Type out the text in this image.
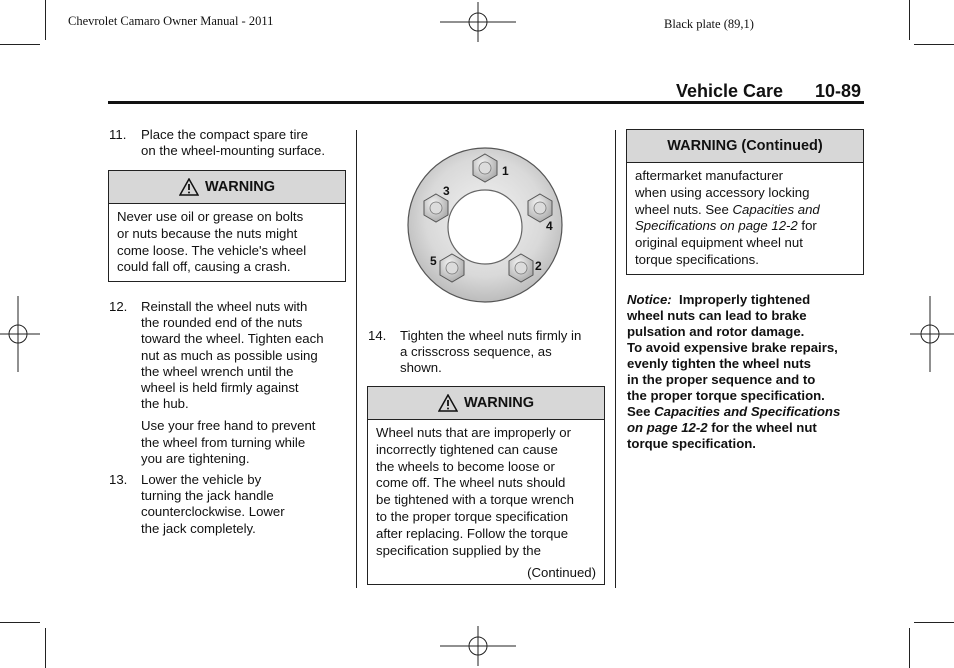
Chevrolet Camaro Owner Manual - 2011	Black plate (89,1)
Vehicle Care 10-89
11. Place the compact spare tire
on the wheel-mounting surface.
WARNING
Never use oil or grease on bolts
or nuts because the nuts might
come loose. The vehicle's wheel
could fall off, causing a crash.
12. Reinstall the wheel nuts with
the rounded end of the nuts
toward the wheel. Tighten each
nut as much as possible using
the wheel wrench until the
wheel is held firmly against
the hub.
Use your free hand to prevent
the wheel from turning while
you are tightening.
13. Lower the vehicle by
turning the jack handle
counterclockwise. Lower
the jack completely.
1
4
2
5
3
14. Tighten the wheel nuts firmly in
a crisscross sequence, as
shown.
WARNING
Wheel nuts that are improperly or
incorrectly tightened can cause
the wheels to become loose or
come off. The wheel nuts should
be tightened with a torque wrench
to the proper torque specification
after replacing. Follow the torque
specification supplied by the
(Continued)
WARNING (Continued)
aftermarket manufacturer
when using accessory locking
wheel nuts. See Capacities and
Specifications on page 12-2 for
original equipment wheel nut
torque specifications.
Notice:  Improperly tightened
wheel nuts can lead to brake
pulsation and rotor damage.
To avoid expensive brake repairs,
evenly tighten the wheel nuts
in the proper sequence and to
the proper torque specification.
See Capacities and Specifications
on page 12-2 for the wheel nut
torque specification.
